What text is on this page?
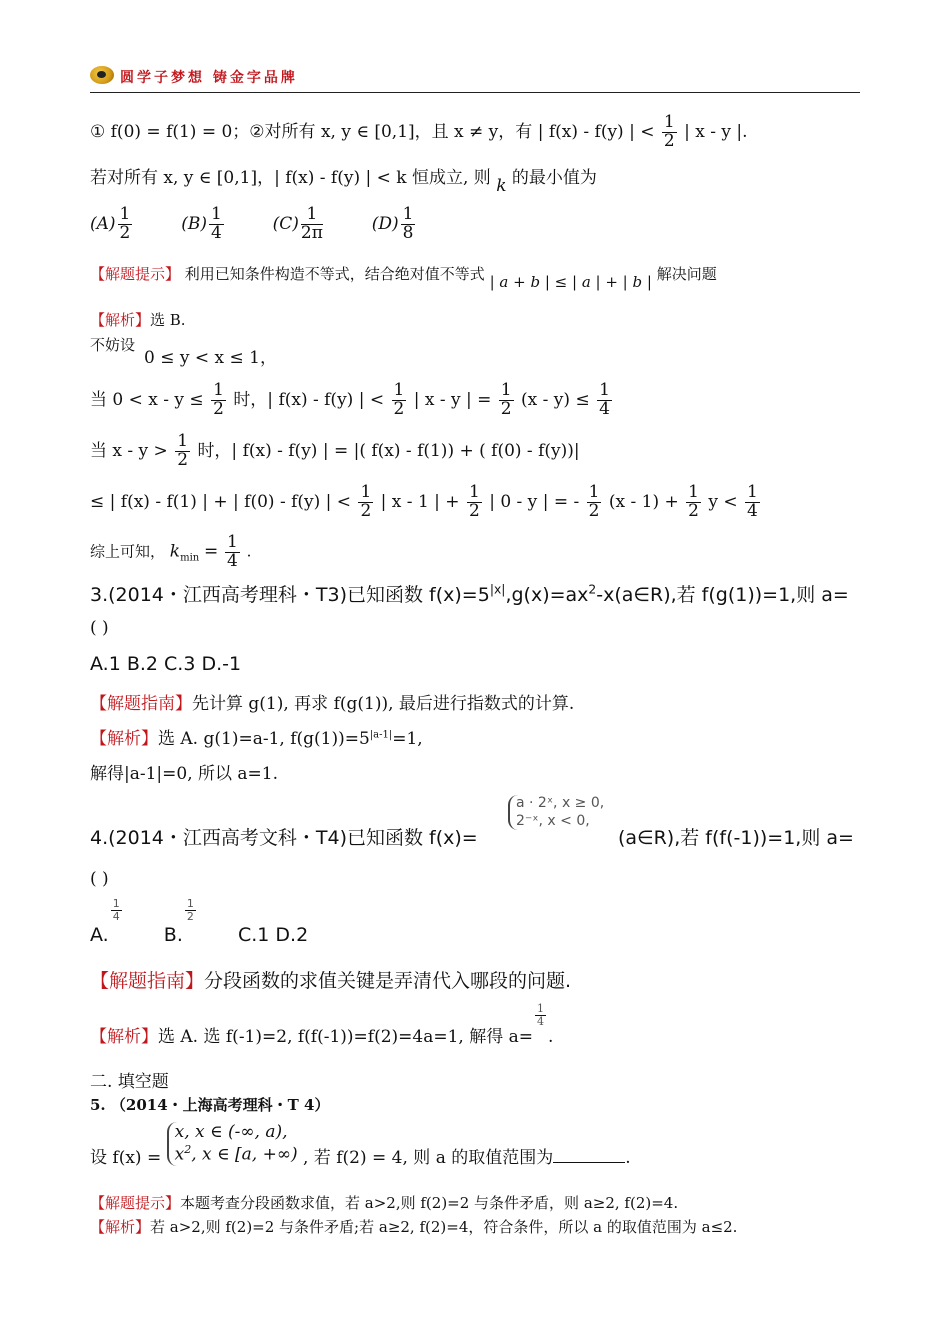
圆学子梦想 铸金字品牌
① f(0) = f(1) = 0；②对所有 x, y ∈ [0,1]，且 x ≠ y，有 | f(x) - f(y) | < $\frac{1}{2}$ | x - y |.
若对所有 x, y ∈ [0,1]，| f(x) - f(y) | < k 恒成立, 则 k 的最小值为
$(A) \frac{1}{2}$	$(B) \frac{1}{4}$	$(C) \frac{1}{2\pi}$	$(D) \frac{1}{8}$
【解题提示】 利用已知条件构造不等式，结合绝对值不等式 | a + b | ≤ | a | + | b | 解决问题
【解析】选 B.
不妨设
0 ≤ y < x ≤ 1，
当 $0 < x - y \le \frac{1}{2}$ 时，| f(x) - f(y) | < $\frac{1}{2}$ | x - y | = $\frac{1}{2} (x - y) \le \frac{1}{4}$
当 $x - y > \frac{1}{2}$ 时，| f(x) - f(y) | = |( f(x) - f(1)) + ( f(0) - f(y))|
≤ | f(x) - f(1) | + | f(0) - f(y) | < $\frac{1}{2}$ | x - 1 | + $\frac{1}{2}$ | 0 - y | = - $\frac{1}{2} (x - 1) + \frac{1}{2}$ $y < \frac{1}{4}$
综上可知， $k_{min} = \frac{1}{4}$ .
3.(2014・江西高考理科・T3)已知函数 $f(x)=5^{|x|},g(x)=ax^2-x(a\in R)$,若 f(g(1))=1,则 a=
( )
A.1 B.2 C.3 D.-1
【解题指南】先计算 g(1), 再求 f(g(1)), 最后进行指数式的计算.
【解析】选 A. g(1)=a-1, $f(g(1))=5^{|a-1|}=1$,
解得|a-1|=0, 所以 a=1.
4.(2014・江西高考文科・T4)已知函数 f(x)=
a · 2ˣ, x ≥ 0,
2⁻ˣ, x < 0,
(a∈R),若 f(f(-1))=1,则 a=
( )
A.
$\frac{1}{4}$
B.
$\frac{1}{2}$
C.1 D.2
【解题指南】分段函数的求值关键是弄清代入哪段的问题.
【解析】选 A. 选 f(-1)=2, f(f(-1))=f(2)=4a=1, 解得 a=
$\frac{1}{4}$
.
二. 填空题
5. （2014・上海高考理科・T 4）
设 f(x) =
x, x ∈ (-∞, a),
$x^2$, x ∈ [a, +∞) , 若 f(2) = 4, 则 a 的取值范围为	.
【解题提示】本题考查分段函数求值，若 a>2,则 f(2)=2 与条件矛盾，则 a≥2, f(2)=4.
【解析】若 a>2,则 f(2)=2 与条件矛盾;若 a≥2, f(2)=4，符合条件，所以 a 的取值范围为 a≤2.
